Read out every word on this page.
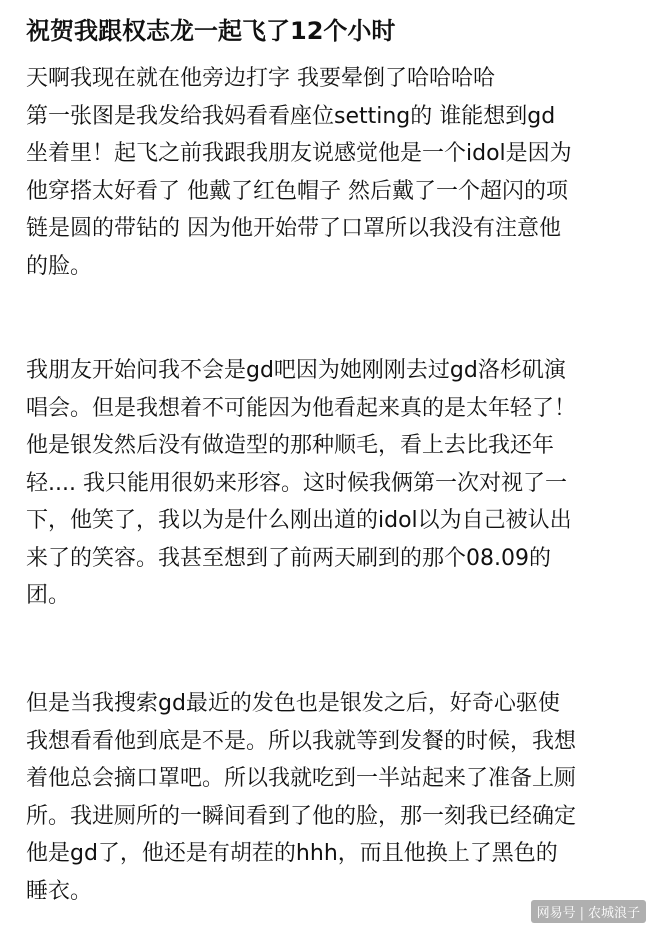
祝贺我跟权志龙一起飞了12个小时

天啊我现在就在他旁边打字 我要晕倒了哈哈哈哈
第一张图是我发给我妈看看座位setting的 谁能想到gd
坐着里！起飞之前我跟我朋友说感觉他是一个idol是因为
他穿搭太好看了 他戴了红色帽子 然后戴了一个超闪的项
链是圆的带钻的 因为他开始带了口罩所以我没有注意他
的脸。

我朋友开始问我不会是gd吧因为她刚刚去过gd洛杉矶演
唱会。但是我想着不可能因为他看起来真的是太年轻了！
他是银发然后没有做造型的那种顺毛，看上去比我还年
轻.... 我只能用很奶来形容。这时候我俩第一次对视了一
下，他笑了，我以为是什么刚出道的idol以为自己被认出
来了的笑容。我甚至想到了前两天刷到的那个08.09的
团。

但是当我搜索gd最近的发色也是银发之后，好奇心驱使
我想看看他到底是不是。所以我就等到发餐的时候，我想
着他总会摘口罩吧。所以我就吃到一半站起来了准备上厕
所。我进厕所的一瞬间看到了他的脸，那一刻我已经确定
他是gd了，他还是有胡茬的hhh，而且他换上了黑色的
睡衣。

网易号 | 农城浪子
